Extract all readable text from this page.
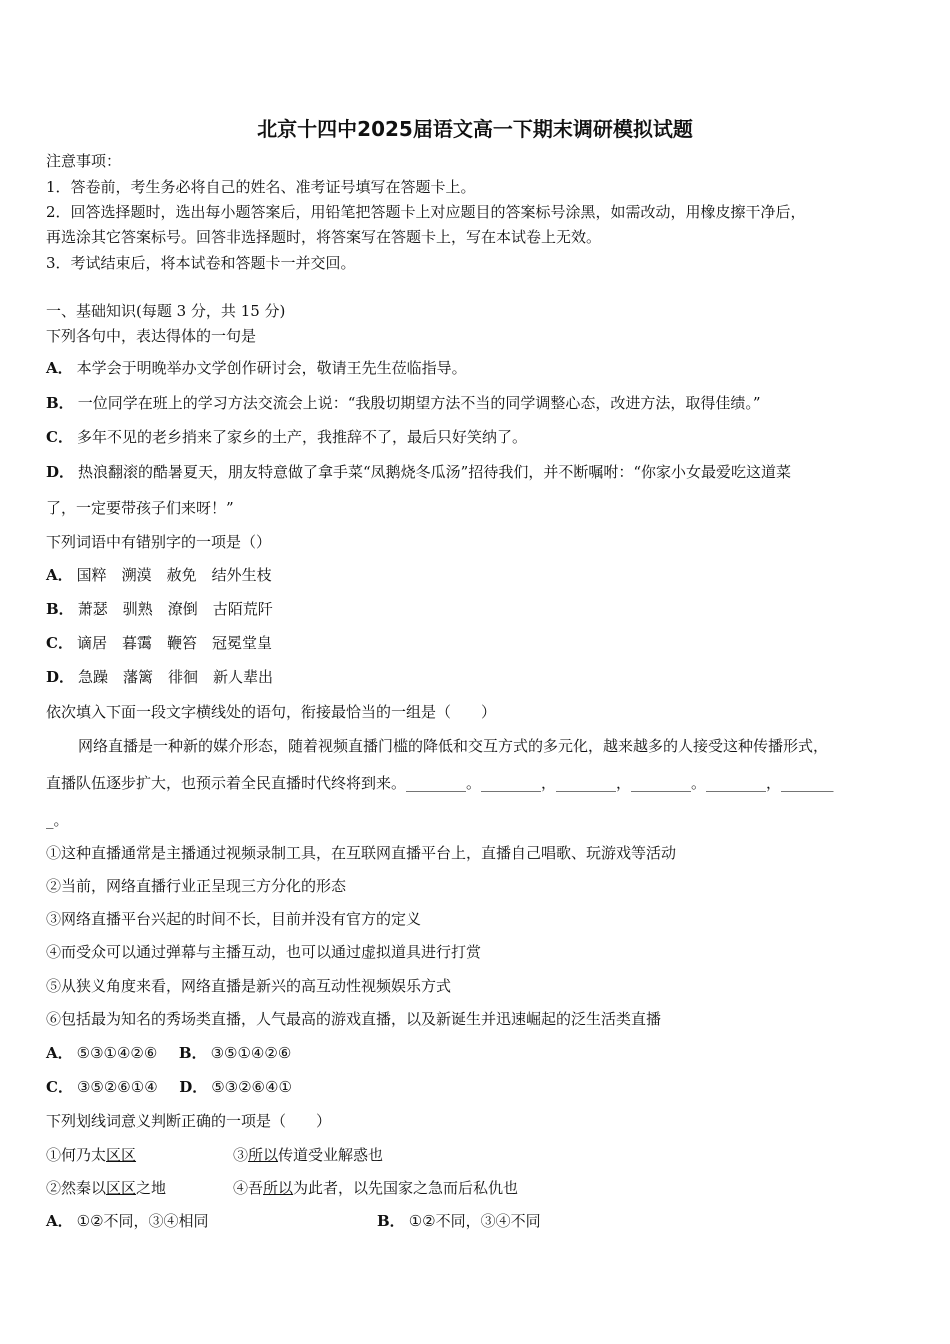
北京十四中2025届语文高一下期末调研模拟试题
注意事项：
1．答卷前，考生务必将自己的姓名、准考证号填写在答题卡上。
2．回答选择题时，选出每小题答案后，用铅笔把答题卡上对应题目的答案标号涂黑，如需改动，用橡皮擦干净后，
再选涂其它答案标号。回答非选择题时，将答案写在答题卡上，写在本试卷上无效。
3．考试结束后，将本试卷和答题卡一并交回。
一、基础知识(每题 3 分，共 15 分)
下列各句中，表达得体的一句是
A． 本学会于明晚举办文学创作研讨会，敬请王先生莅临指导。
B． 一位同学在班上的学习方法交流会上说：“我殷切期望方法不当的同学调整心态，改进方法，取得佳绩。”
C． 多年不见的老乡捎来了家乡的土产，我推辞不了，最后只好笑纳了。
D． 热浪翻滚的酷暑夏天，朋友特意做了拿手菜“凤鹅烧冬瓜汤”招待我们，并不断嘱咐：“你家小女最爱吃这道菜
了，一定要带孩子们来呀！”
下列词语中有错别字的一项是（）
A． 国粹　溯漠　赦免　结外生枝
B． 萧瑟　驯熟　潦倒　古陌荒阡
C． 谪居　暮霭　鞭笞　冠冕堂皇
D． 急躁　藩篱　徘徊　新人辈出
依次填入下面一段文字横线处的语句，衔接最恰当的一组是（　　）
网络直播是一种新的媒介形态，随着视频直播门槛的降低和交互方式的多元化，越来越多的人接受这种传播形式，
直播队伍逐步扩大，也预示着全民直播时代终将到来。________。________，________，________。________，_______
_。
①这种直播通常是主播通过视频录制工具，在互联网直播平台上，直播自己唱歌、玩游戏等活动
②当前，网络直播行业正呈现三方分化的形态
③网络直播平台兴起的时间不长，目前并没有官方的定义
④而受众可以通过弹幕与主播互动，也可以通过虚拟道具进行打赏
⑤从狭义角度来看，网络直播是新兴的高互动性视频娱乐方式
⑥包括最为知名的秀场类直播，人气最高的游戏直播，以及新诞生并迅速崛起的泛生活类直播
A． ⑤③①④②⑥ B． ③⑤①④②⑥
C． ③⑤②⑥①④ D． ⑤③②⑥④①
下列划线词意义判断正确的一项是（　　）
①何乃太区区	③所以传道受业解惑也
②然秦以区区之地	④吾所以为此者，以先国家之急而后私仇也
A． ①②不同，③④相同	B． ①②不同，③④不同
